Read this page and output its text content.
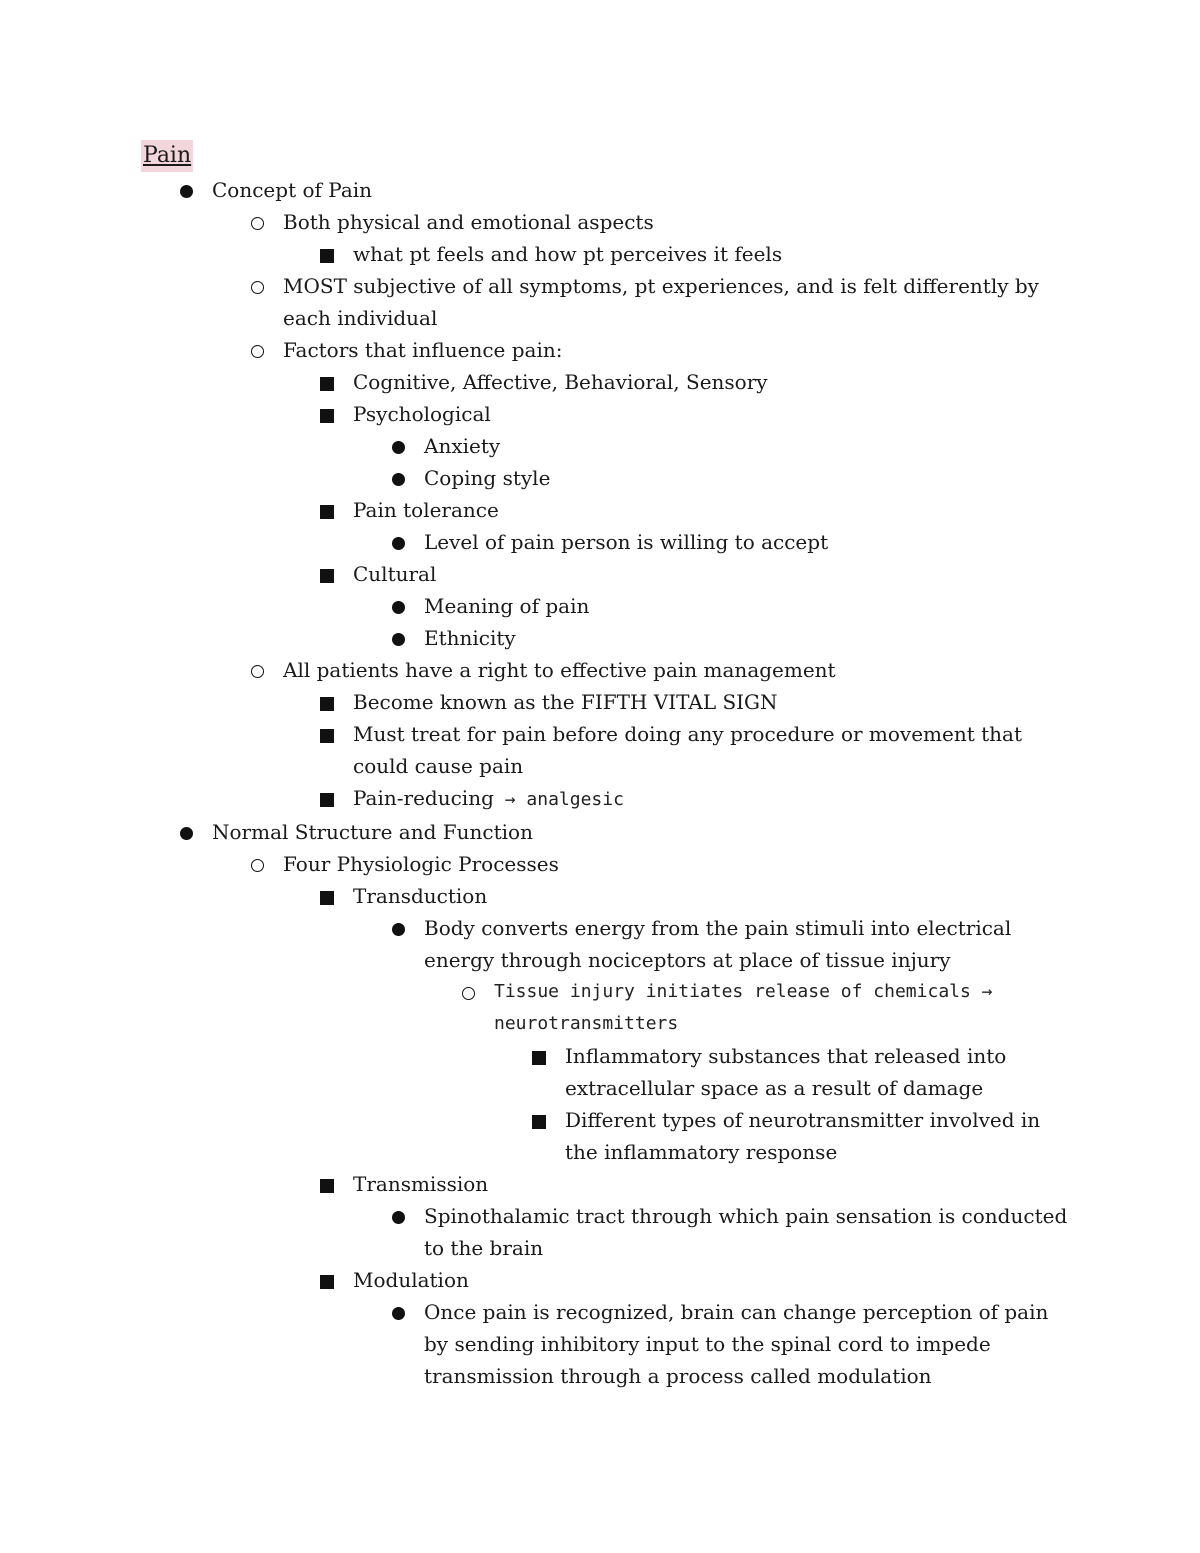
Pain
Concept of Pain
Both physical and emotional aspects
what pt feels and how pt perceives it feels
MOST subjective of all symptoms, pt experiences, and is felt differently by each individual
Factors that influence pain:
Cognitive, Affective, Behavioral, Sensory
Psychological
Anxiety
Coping style
Pain tolerance
Level of pain person is willing to accept
Cultural
Meaning of pain
Ethnicity
All patients have a right to effective pain management
Become known as the FIFTH VITAL SIGN
Must treat for pain before doing any procedure or movement that could cause pain
Pain-reducing → analgesic
Normal Structure and Function
Four Physiologic Processes
Transduction
Body converts energy from the pain stimuli into electrical energy through nociceptors at place of tissue injury
Tissue injury initiates release of chemicals → neurotransmitters
Inflammatory substances that released into extracellular space as a result of damage
Different types of neurotransmitter involved in the inflammatory response
Transmission
Spinothalamic tract through which pain sensation is conducted to the brain
Modulation
Once pain is recognized, brain can change perception of pain by sending inhibitory input to the spinal cord to impede transmission through a process called modulation
